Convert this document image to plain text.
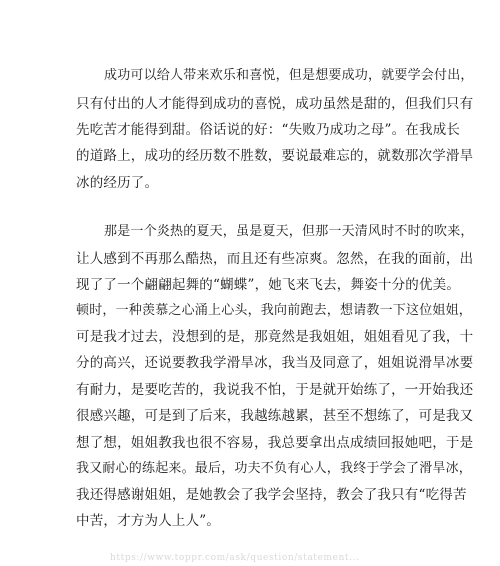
成功可以给人带来欢乐和喜悦，但是想要成功，就要学会付出，
只有付出的人才能得到成功的喜悦，成功虽然是甜的，但我们只有
先吃苦才能得到甜。俗话说的好：“失败乃成功之母”。在我成长
的道路上，成功的经历数不胜数，要说最难忘的，就数那次学滑旱
冰的经历了。
那是一个炎热的夏天，虽是夏天，但那一天清风时不时的吹来，
让人感到不再那么酷热，而且还有些凉爽。忽然，在我的面前，出
现了了一个翩翩起舞的“蝴蝶”，她飞来飞去，舞姿十分的优美。
顿时，一种羡慕之心涌上心头，我向前跑去，想请教一下这位姐姐，
可是我才过去，没想到的是，那竟然是我姐姐，姐姐看见了我，十
分的高兴，还说要教我学滑旱冰，我当及同意了，姐姐说滑旱冰要
有耐力，是要吃苦的，我说我不怕，于是就开始练了，一开始我还
很感兴趣，可是到了后来，我越练越累，甚至不想练了，可是我又
想了想，姐姐教我也很不容易，我总要拿出点成绩回报她吧，于是
我又耐心的练起来。最后，功夫不负有心人，我终于学会了滑旱冰，
我还得感谢姐姐，是她教会了我学会坚持，教会了我只有“吃得苦
中苦，才方为人上人”。
https://www.toppr.com/ask/question/statement...
